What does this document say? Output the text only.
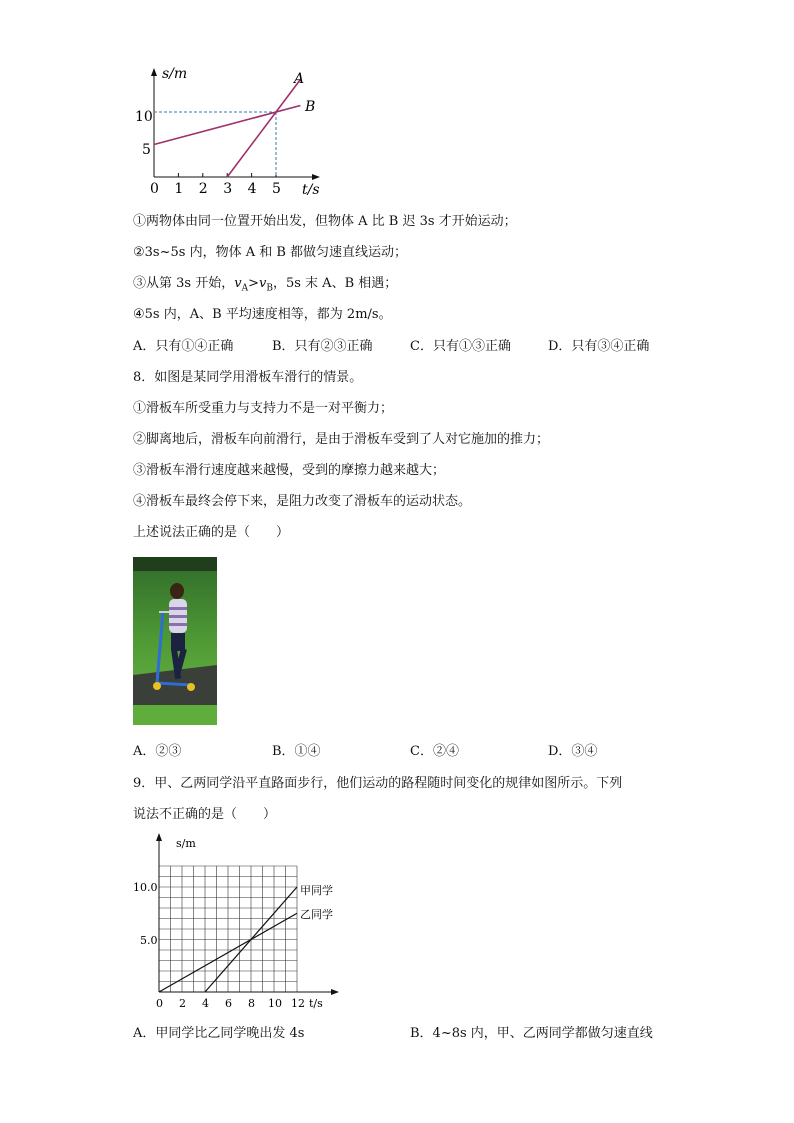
s/m
t/s
10
5
0 1 2 3 4 5
A
B
①两物体由同一位置开始出发，但物体 A 比 B 迟 3s 才开始运动；
②3s~5s 内，物体 A 和 B 都做匀速直线运动；
③从第 3s 开始，$v_A>v_B$，5s 末 A、B 相遇；
④5s 内，A、B 平均速度相等，都为 2m/s。
A．只有①④正确	B．只有②③正确	C．只有①③正确	D．只有③④正确
8．如图是某同学用滑板车滑行的情景。
①滑板车所受重力与支持力不是一对平衡力；
②脚离地后，滑板车向前滑行，是由于滑板车受到了人对它施加的推力；
③滑板车滑行速度越来越慢，受到的摩擦力越来越大；
④滑板车最终会停下来，是阻力改变了滑板车的运动状态。
上述说法正确的是（　　）
A．②③	B．①④	C．②④	D．③④
9．甲、乙两同学沿平直路面步行，他们运动的路程随时间变化的规律如图所示。下列
说法不正确的是（　　）
s/m
t/s
10.0
5.0
0 2 4 6 8 10 12
甲同学
乙同学
A．甲同学比乙同学晚出发 4s	B．4~8s 内，甲、乙两同学都做匀速直线
